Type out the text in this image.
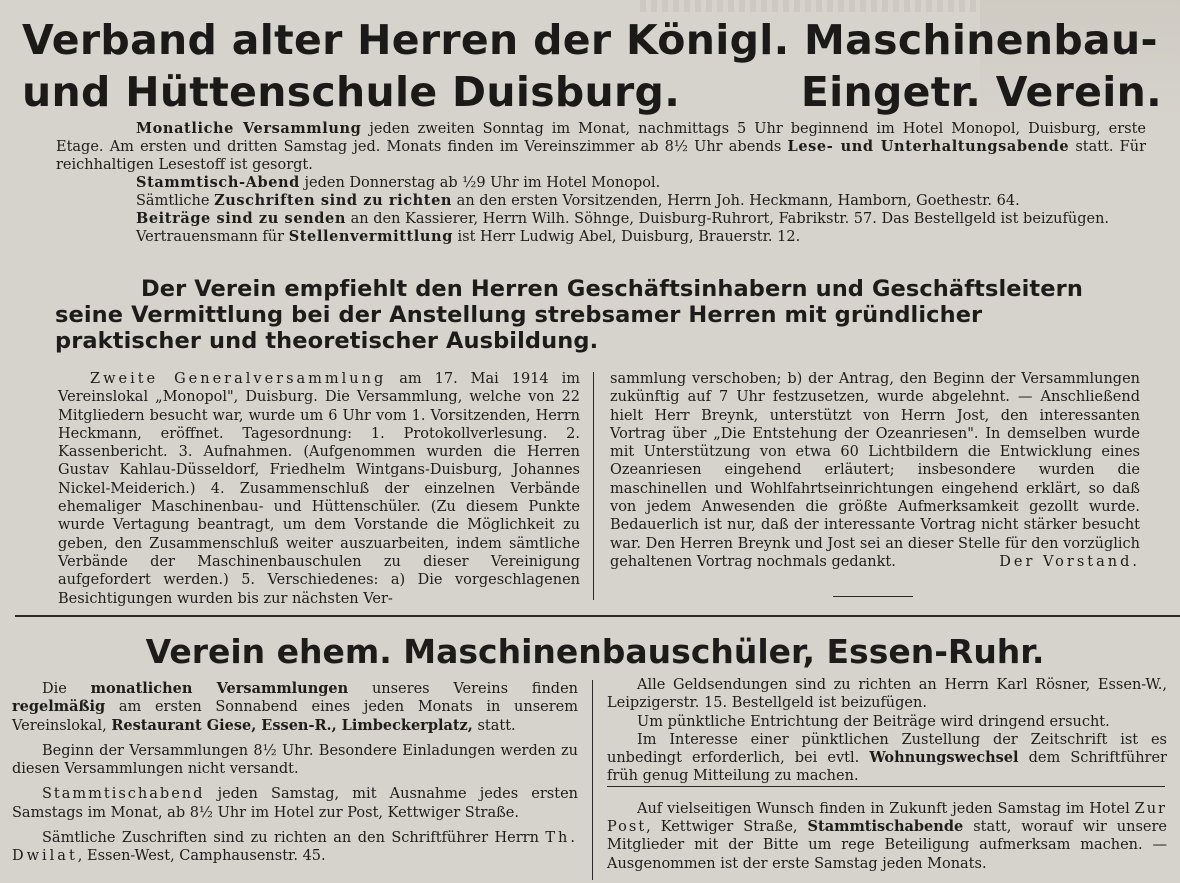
Verband alter Herren der Königl. Maschinenbau-

und Hüttenschule Duisburg.	Eingetr. Verein.

Monatliche Versammlung jeden zweiten Sonntag im Monat, nachmittags 5 Uhr beginnend im Hotel Monopol, Duisburg, erste Etage. Am ersten und dritten Samstag jed. Monats finden im Vereinszimmer ab 8½ Uhr abends Lese- und Unterhaltungsabende statt. Für reichhaltigen Lesestoff ist gesorgt.

Stammtisch-Abend jeden Donnerstag ab ½9 Uhr im Hotel Monopol.

Sämtliche Zuschriften sind zu richten an den ersten Vorsitzenden, Herrn Joh. Heckmann, Hamborn, Goethestr. 64.

Beiträge sind zu senden an den Kassierer, Herrn Wilh. Söhnge, Duisburg-Ruhrort, Fabrikstr. 57. Das Bestellgeld ist beizufügen.

Vertrauensmann für Stellenvermittlung ist Herr Ludwig Abel, Duisburg, Brauerstr. 12.

Der Verein empfiehlt den Herren Geschäftsinhabern und Geschäftsleitern
seine Vermittlung bei der Anstellung strebsamer Herren mit gründlicher praktischer und theoretischer Ausbildung.

Zweite Generalversammlung am 17. Mai 1914 im Vereinslokal „Monopol", Duisburg. Die Versammlung, welche von 22 Mitgliedern besucht war, wurde um 6 Uhr vom 1. Vorsitzenden, Herrn Heckmann, eröffnet. Tagesordnung: 1. Protokollverlesung. 2. Kassenbericht. 3. Aufnahmen. (Aufgenommen wurden die Herren Gustav Kahlau-Düsseldorf, Friedhelm Wintgans-Duisburg, Johannes Nickel-Meiderich.) 4. Zusammenschluß der einzelnen Verbände ehemaliger Maschinenbau- und Hüttenschüler. (Zu diesem Punkte wurde Vertagung beantragt, um dem Vorstande die Möglichkeit zu geben, den Zusammenschluß weiter auszuarbeiten, indem sämtliche Verbände der Maschinenbauschulen zu dieser Vereinigung aufgefordert werden.) 5. Verschiedenes: a) Die vorgeschlagenen Besichtigungen wurden bis zur nächsten Ver-

sammlung verschoben; b) der Antrag, den Beginn der Versammlungen zukünftig auf 7 Uhr festzusetzen, wurde abgelehnt. — Anschließend hielt Herr Breynk, unterstützt von Herrn Jost, den interessanten Vortrag über „Die Entstehung der Ozeanriesen". In demselben wurde mit Unterstützung von etwa 60 Lichtbildern die Entwicklung eines Ozeanriesen eingehend erläutert; insbesondere wurden die maschinellen und Wohlfahrtseinrichtungen eingehend erklärt, so daß von jedem Anwesenden die größte Aufmerksamkeit gezollt wurde. Bedauerlich ist nur, daß der interessante Vortrag nicht stärker besucht war. Den Herren Breynk und Jost sei an dieser Stelle für den vorzüglich gehaltenen Vortrag nochmals gedankt.	Der Vorstand.

Verein ehem. Maschinenbauschüler, Essen-Ruhr.

Die monatlichen Versammlungen unseres Vereins finden regelmäßig am ersten Sonnabend eines jeden Monats in unserem Vereinslokal, Restaurant Giese, Essen-R., Limbeckerplatz, statt.

Beginn der Versammlungen 8½ Uhr. Besondere Einladungen werden zu diesen Versammlungen nicht versandt.

Stammtischabend jeden Samstag, mit Ausnahme jedes ersten Samstags im Monat, ab 8½ Uhr im Hotel zur Post, Kettwiger Straße.

Sämtliche Zuschriften sind zu richten an den Schriftführer Herrn Th. Dwilat, Essen-West, Camphausenstr. 45.

Alle Geldsendungen sind zu richten an Herrn Karl Rösner, Essen-W., Leipzigerstr. 15. Bestellgeld ist beizufügen.

Um pünktliche Entrichtung der Beiträge wird dringend ersucht.

Im Interesse einer pünktlichen Zustellung der Zeitschrift ist es unbedingt erforderlich, bei evtl. Wohnungswechsel dem Schriftführer früh genug Mitteilung zu machen.

Auf vielseitigen Wunsch finden in Zukunft jeden Samstag im Hotel Zur Post, Kettwiger Straße, Stammtischabende statt, worauf wir unsere Mitglieder mit der Bitte um rege Beteiligung aufmerksam machen. — Ausgenommen ist der erste Samstag jeden Monats.
